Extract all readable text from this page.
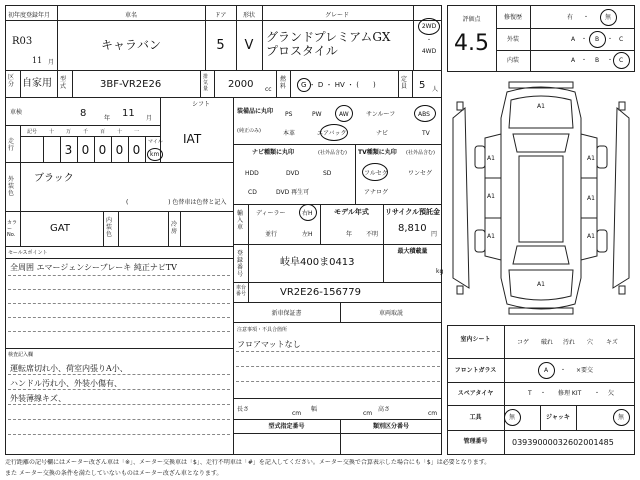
初年度登録年月
R03
11 月
車名
キャラバン
ドア
5
形状
V
グレード
グランドプレミアムGX プロスタイル
2WD
・
4WD
区分 自家用 型式	3BF-VR2E26
排気量 2000 cc
燃料 G ・ D ・ HV ・ (　　)
定員 5 人
車検	8	年 11 月
シフト
IAT
走行
記号	十	万	千	百	十	一
3 0 0 0 0
マイル
km
外装色
ブラック
( 　　　　　　 ) 色替車は色替と記入
カラーNo.
GAT
内装色
冷房
セールスポイント
全周囲 エマージェンシーブレーキ 純正ナビTV
検査記入欄
運転席切れ小、荷室内張りA小、
ハンドル汚れ小、外装小傷有、
外装薄線キズ、
装備品に丸印
(純正のみ)
PS	PW	AW	サンルーフ	ABS
本革	エアバック	ナビ	TV
ナビ種類に丸印	(社外品含む)
HDD	DVD	SD
CD	DVD 再生可
TV種類に丸印 (社外品含む)
フルセグ	ワンセグ
アナログ
輸入車
ディーラー	右H
並行	左H
モデル年式
年 不明
リサイクル預託金
8,810
円
登録番号
岐阜400ま0413
最大積載量
kg
車台番号	VR2E26-156779
新車保証書	車両取説
注意事項・不具合箇所
フロアマットなし
長さ
cm
幅
cm
高さ
cm
型式指定番号	類別区分番号
評価点
4.5
修復歴	有 ・	無
外装	A ・ B ・ C
内装	A ・ B ・ C
A1
A1	A1
A1	A1
A1	A1
A1
室内シート	コゲ 破れ 汚れ 穴 キズ
フロントガラス	A ・ ×要交
スペアタイヤ	T ・ 修理 KIT ・ 欠
工具	無	ジャッキ	無
管理番号	03939000032602001485
走行距離の記号欄にはメーター改ざん車は「※」、メーター交換車は「$」、走行不明車は「#」を記入してください。メーター交換で合算表示した場合にも「$」は必要となります。
また メーター交換の条件を満たしていないものはメーター改ざん車となります。
